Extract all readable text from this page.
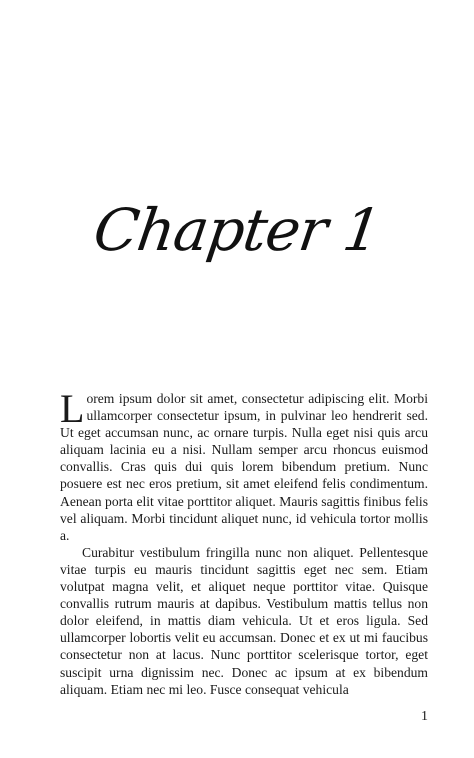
Chapter 1

Lorem ipsum dolor sit amet, consectetur adipiscing elit. Morbi ullamcorper consectetur ipsum, in pulvinar leo hendrerit sed. Ut eget accumsan nunc, ac ornare turpis. Nulla eget nisi quis arcu aliquam lacinia eu a nisi. Nullam semper arcu rhoncus euismod convallis. Cras quis dui quis lorem bibendum pretium. Nunc posuere est nec eros pretium, sit amet eleifend felis condimentum. Aenean porta elit vitae porttitor aliquet. Mauris sagittis finibus felis vel aliquam. Morbi tincidunt aliquet nunc, id vehicula tortor mollis a.

Curabitur vestibulum fringilla nunc non aliquet. Pellentesque vitae turpis eu mauris tincidunt sagittis eget nec sem. Etiam volutpat magna velit, et aliquet neque porttitor vitae. Quisque convallis rutrum mauris at dapibus. Vestibulum mattis tellus non dolor eleifend, in mattis diam vehicula. Ut et eros ligula. Sed ullamcorper lobortis velit eu accumsan. Donec et ex ut mi faucibus consectetur non at lacus. Nunc porttitor scelerisque tortor, eget suscipit urna dignissim nec. Donec ac ipsum at ex bibendum aliquam. Etiam nec mi leo. Fusce consequat vehicula

1
